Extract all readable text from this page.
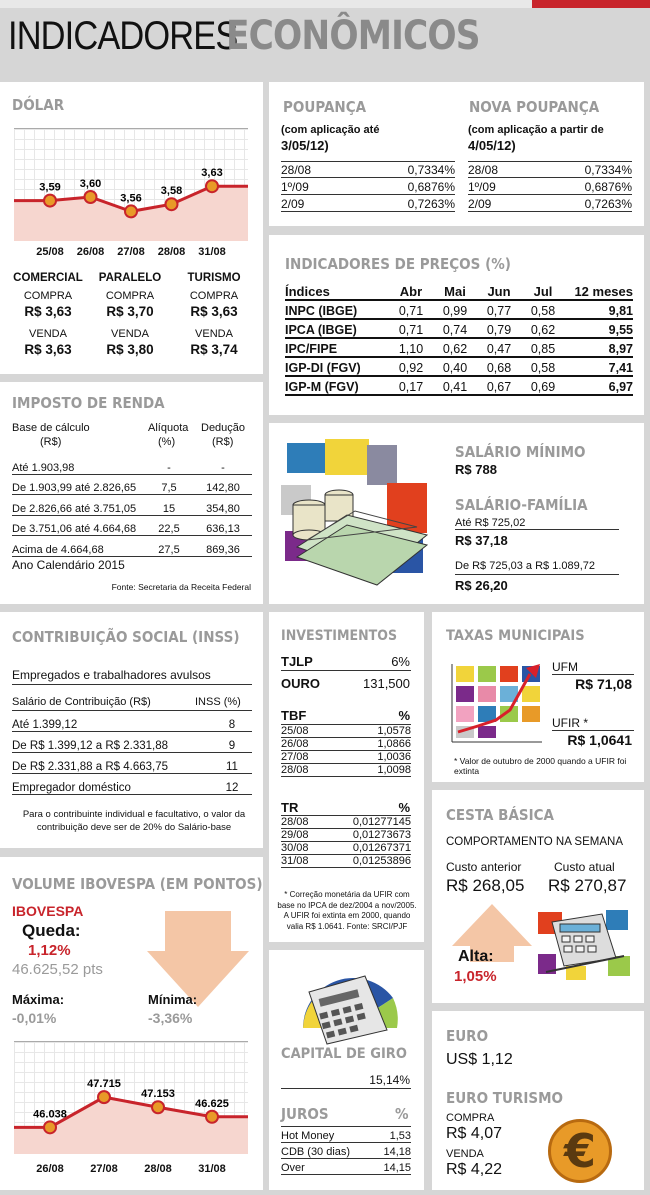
INDICADORES
ECONÔMICOS
DÓLAR
3,59 3,60
3,56
3,58
3,63
25/08 26/08 27/08 28/08 31/08
COMERCIAL
COMPRA
R$ 3,63
VENDA
R$ 3,63
PARALELO
COMPRA
R$ 3,70
VENDA
R$ 3,80
TURISMO
COMPRA
R$ 3,63
VENDA
R$ 3,74
POUPANÇA
(com aplicação até
3/05/12)
28/08	0,7334%
1º/09	0,6876%
2/09	0,7263%
NOVA POUPANÇA
(com aplicação a partir de
4/05/12)
28/08	0,7334%
1º/09	0,6876%
2/09	0,7263%
INDICADORES DE PREÇOS (%)
Índices	Abr	Mai	Jun	Jul	12 meses
INPC (IBGE)	0,71	0,99	0,77	0,58	9,81
IPCA (IBGE)	0,71	0,74	0,79	0,62	9,55
IPC/FIPE	1,10	0,62	0,47	0,85	8,97
IGP-DI (FGV)	0,92	0,40	0,68	0,58	7,41
IGP-M (FGV)	0,17	0,41	0,67	0,69	6,97
IMPOSTO DE RENDA
Base de cálculo
(R$)
Alíquota
(%)
Dedução
(R$)
Até 1.903,98	-	-
De 1.903,99 até 2.826,65	7,5	142,80
De 2.826,66 até 3.751,05	15	354,80
De 3.751,06 até 4.664,68	22,5	636,13
Acima de 4.664,68	27,5	869,36
Ano Calendário 2015
Fonte: Secretaria da Receita Federal
SALÁRIO MÍNIMO
R$ 788
SALÁRIO-FAMÍLIA
Até R$ 725,02
R$ 37,18
De R$ 725,03 a R$ 1.089,72
R$ 26,20
CONTRIBUIÇÃO SOCIAL (INSS)
Empregados e trabalhadores avulsos
Salário de Contribuição (R$)	INSS (%)
Até 1.399,12	8
De R$ 1.399,12 a R$ 2.331,88	9
De R$ 2.331,88 a R$ 4.663,75	11
Empregador doméstico	12
Para o contribuinte individual e facultativo, o valor da contribuição deve ser de 20% do Salário-base
VOLUME IBOVESPA (EM PONTOS)
IBOVESPA
Queda:
1,12%
46.625,52 pts
Máxima:
-0,01%
Mínima:
-3,36%
46.038
47.715
47.153
46.625
26/08 27/08 28/08 31/08
INVESTIMENTOS
TJLP	6%
OURO	131,500
TBF	%
25/08	1,0578
26/08	1,0866
27/08	1,0036
28/08	1,0098
TR	%
28/08	0,01277145
29/08	0,01273673
30/08	0,01267371
31/08	0,01253896
* Correção monetária da UFIR com base no IPCA de dez/2004 a nov/2005. A UFIR foi extinta em 2000, quando valia R$ 1.0641. Fonte: SRCI/PJF
TAXAS MUNICIPAIS
UFM
R$ 71,08
UFIR *
R$ 1,0641
* Valor de outubro de 2000 quando a UFIR foi extinta
CESTA BÁSICA
COMPORTAMENTO NA SEMANA
Custo anterior
R$ 268,05
Custo atual
R$ 270,87
Alta:
1,05%
CAPITAL DE GIRO
15,14%
JUROS	%
Hot Money	1,53
CDB (30 dias)	14,18
Over	14,15
EURO
US$ 1,12
EURO TURISMO
COMPRA
R$ 4,07
VENDA
R$ 4,22	€
